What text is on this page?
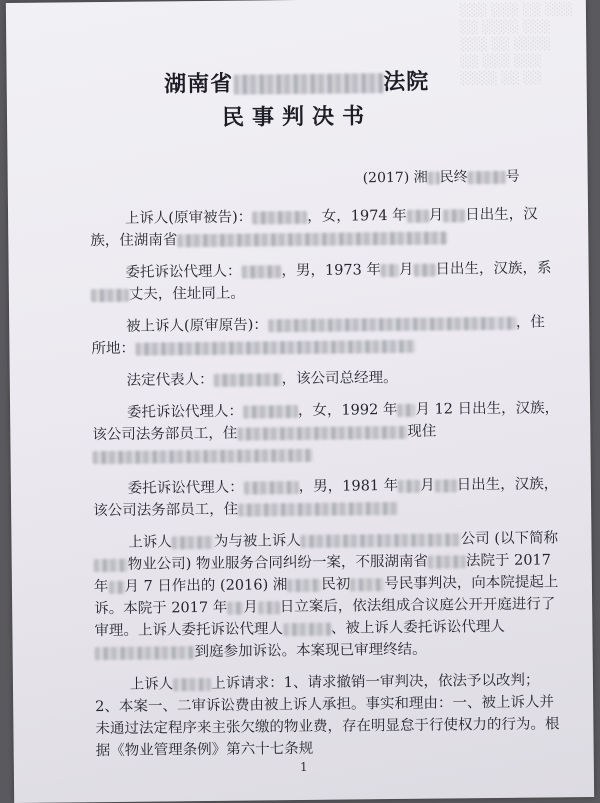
░░░ ░░░ ░░ ░░░
░░ ░░░░ ░░░
░░░ ░░ ░░░░
░░ ░░░ ░░░
░░░░ ░░ ░░
湖南省	法院
民事判决书
(2017) 湘 民终	号

上诉人(原审被告)：	，女，1974 年 月 日出生，汉族，住湖南省

委托诉讼代理人：	，男，1973 年 月 日出生，汉族，系丈夫，住址同上。

被上诉人(原审原告)：	，住所地：

法定代表人：	，该公司总经理。

委托诉讼代理人：	，女，1992 年 月 12 日出生，汉族，该公司法务部员工，住	现住

委托诉讼代理人：	，男，1981 年 月 日出生，汉族，该公司法务部员工，住

上诉人	为与被上诉人	公司 (以下简称物业公司) 物业服务合同纠纷一案，不服湖南省	法院于 2017 年 月 7 日作出的 (2016) 湘 民初 号民事判决，向本院提起上诉。本院于 2017 年 月 日立案后，依法组成合议庭公开开庭进行了审理。上诉人委托诉讼代理人	、被上诉人委托诉讼代理人到庭参加诉讼。本案现已审理终结。

上诉人	上诉请求：1、请求撤销一审判决，依法予以改判；2、本案一、二审诉讼费由被上诉人承担。事实和理由：一、被上诉人并未通过法定程序来主张欠缴的物业费，存在明显怠于行使权力的行为。根据《物业管理条例》第六十七条规

1
